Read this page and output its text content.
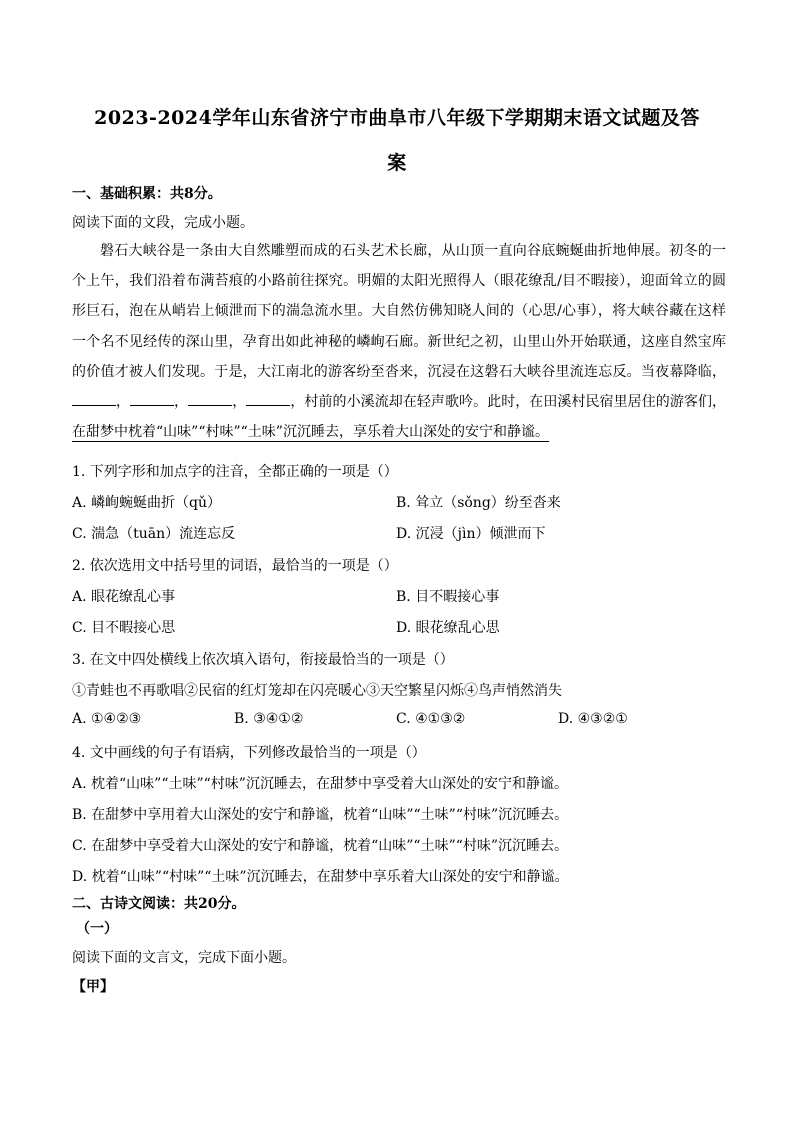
2023-2024学年山东省济宁市曲阜市八年级下学期期末语文试题及答
案
一、基础积累：共8分。
阅读下面的文段，完成小题。
磐石大峡谷是一条由大自然雕塑而成的石头艺术长廊，从山顶一直向谷底蜿蜒曲折地伸展。初冬的一个上午，我们沿着布满苔痕的小路前往探究。明媚的太阳光照得人（眼花缭乱/目不暇接），迎面耸立的圆形巨石，泡在从峭岩上倾泄而下的湍急流水里。大自然仿佛知晓人间的（心思/心事），将大峡谷藏在这样一个名不见经传的深山里，孕育出如此神秘的嶙峋石廊。新世纪之初，山里山外开始联通，这座自然宝库的价值才被人们发现。于是，大江南北的游客纷至沓来，沉浸在这磐石大峡谷里流连忘反。当夜幕降临，，	，	，	，村前的小溪流却在轻声歌吟。此时，在田溪村民宿里居住的游客们，在甜梦中枕着“山味”“村味”“土味”沉沉睡去，享乐着大山深处的安宁和静谧。
1. 下列字形和加点字的注音，全都正确的一项是（）
A. 嶙峋蜿蜒曲折（qǔ）	B. 耸立（sǒng）纷至沓来
C. 湍急（tuān）流连忘反	D. 沉浸（jìn）倾泄而下
2. 依次选用文中括号里的词语，最恰当的一项是（）
A. 眼花缭乱心事	B. 目不暇接心事
C. 目不暇接心思	D. 眼花缭乱心思
3. 在文中四处横线上依次填入语句，衔接最恰当的一项是（）
①青蛙也不再歌唱②民宿的红灯笼却在闪亮暖心③天空繁星闪烁④鸟声悄然消失
A. ①④②③	B. ③④①②	C. ④①③②	D. ④③②①
4. 文中画线的句子有语病，下列修改最恰当的一项是（）
A. 枕着“山味”“土味”“村味”沉沉睡去，在甜梦中享受着大山深处的安宁和静谧。
B. 在甜梦中享用着大山深处的安宁和静谧，枕着“山味”“土味”“村味”沉沉睡去。
C. 在甜梦中享受着大山深处的安宁和静谧，枕着“山味”“土味”“村味”沉沉睡去。
D. 枕着“山味”“村味”“土味”沉沉睡去，在甜梦中享乐着大山深处的安宁和静谧。
二、古诗文阅读：共20分。
（一）
阅读下面的文言文，完成下面小题。
【甲】
